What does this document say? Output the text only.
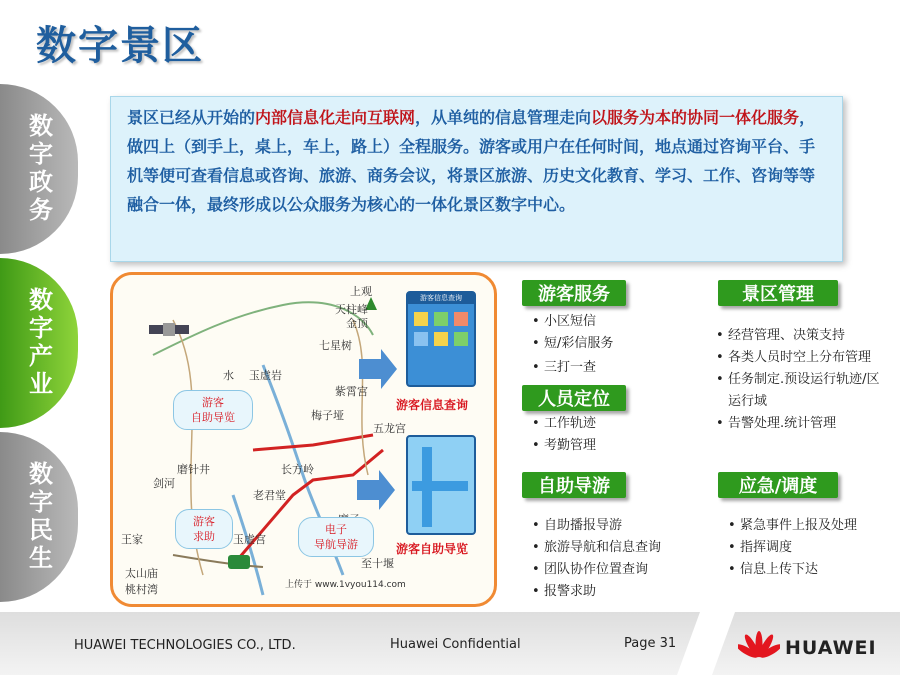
数字景区
数字政务
数字产业
数字民生
景区已经从开始的内部信息化走向互联网，从单纯的信息管理走向以服务为本的协同一体化服务，做四上（到手上，桌上，车上，路上）全程服务。游客或用户在任何时间，地点通过咨询平台、手机等便可查看信息或咨询、旅游、商务会议，将景区旅游、历史文化教育、学习、工作、咨询等等融合一体，最终形成以公众服务为核心的一体化景区数字中心。
上观
天柱峰
金顶
七星树
紫霄宫
五龙宫
梅子垭
玉虚岩
水
磨针井	长方岭
剑河
老君堂
玉虚宫
王家
太山庙
桃村湾
至十堰
上传于 www.1vyou114.com
游客
自助导览
游客
求助
电子
导航导游
游客信息查询
游客信息查询
游客自助导览
游客服务
• 小区短信
• 短/彩信服务
• 三打一查
人员定位
• 工作轨迹
• 考勤管理
自助导游
• 自助播报导游
• 旅游导航和信息查询
• 团队协作位置查询
• 报警求助
景区管理
• 经营管理、决策支持
• 各类人员时空上分布管理
• 任务制定.预设运行轨迹/区运行域
• 告警处理.统计管理
应急/调度
• 紧急事件上报及处理
• 指挥调度
• 信息上传下达
HUAWEI TECHNOLOGIES CO., LTD.	Huawei Confidential	Page 31	HUAWEI
